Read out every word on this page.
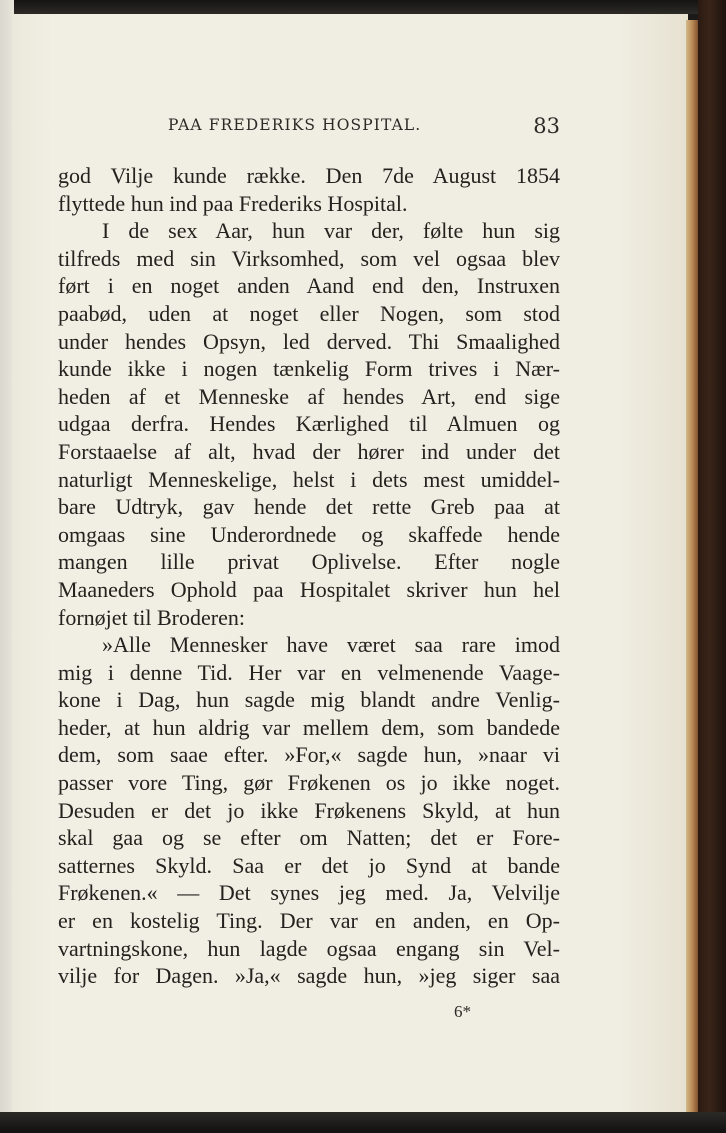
PAA FREDERIKS HOSPITAL.	83
god Vilje kunde række. Den 7de August 1854
flyttede hun ind paa Frederiks Hospital.
I de sex Aar, hun var der, følte hun sig
tilfreds med sin Virksomhed, som vel ogsaa blev
ført i en noget anden Aand end den, Instruxen
paabød, uden at noget eller Nogen, som stod
under hendes Opsyn, led derved. Thi Smaalighed
kunde ikke i nogen tænkelig Form trives i Nær-
heden af et Menneske af hendes Art, end sige
udgaa derfra. Hendes Kærlighed til Almuen og
Forstaaelse af alt, hvad der hører ind under det
naturligt Menneskelige, helst i dets mest umiddel-
bare Udtryk, gav hende det rette Greb paa at
omgaas sine Underordnede og skaffede hende
mangen lille privat Oplivelse. Efter nogle
Maaneders Ophold paa Hospitalet skriver hun hel
fornøjet til Broderen:
»Alle Mennesker have været saa rare imod
mig i denne Tid. Her var en velmenende Vaage-
kone i Dag, hun sagde mig blandt andre Venlig-
heder, at hun aldrig var mellem dem, som bandede
dem, som saae efter. »For,« sagde hun, »naar vi
passer vore Ting, gør Frøkenen os jo ikke noget.
Desuden er det jo ikke Frøkenens Skyld, at hun
skal gaa og se efter om Natten; det er Fore-
satternes Skyld. Saa er det jo Synd at bande
Frøkenen.« — Det synes jeg med. Ja, Velvilje
er en kostelig Ting. Der var en anden, en Op-
vartningskone, hun lagde ogsaa engang sin Vel-
vilje for Dagen. »Ja,« sagde hun, »jeg siger saa
6*
